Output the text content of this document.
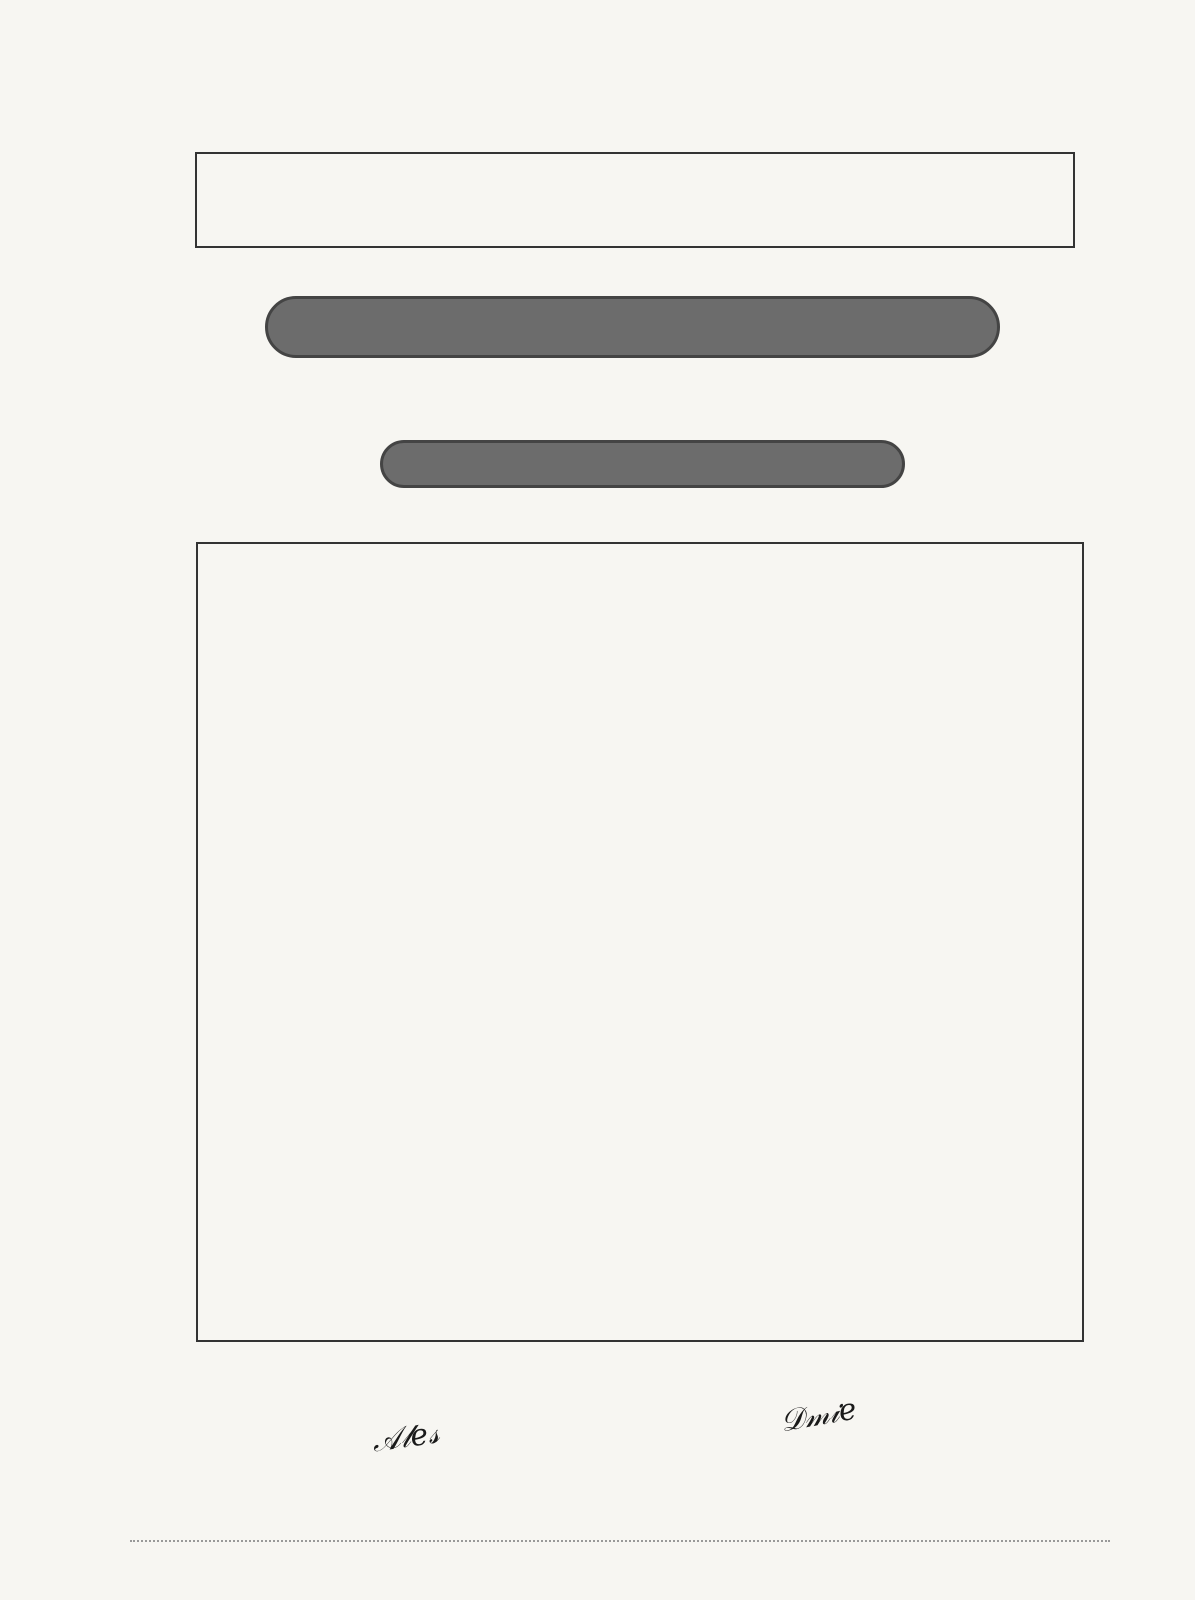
𝒜𝓁𝑒𝓈	𝒟𝓂𝒾𝑒
